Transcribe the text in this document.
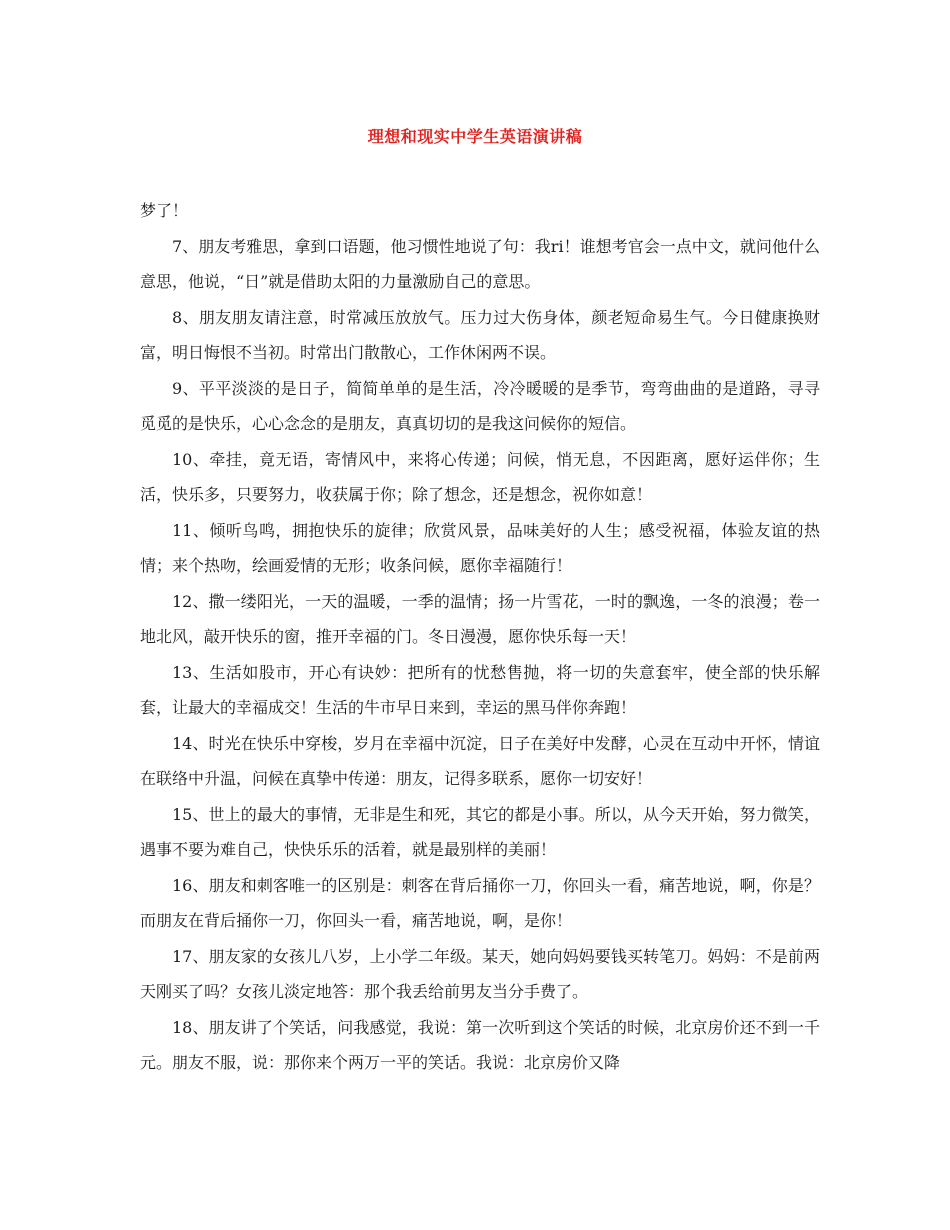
理想和现实中学生英语演讲稿

梦了！

7、朋友考雅思，拿到口语题，他习惯性地说了句：我ri！谁想考官会一点中文，就问他什么意思，他说，“日”就是借助太阳的力量激励自己的意思。

8、朋友朋友请注意，时常减压放放气。压力过大伤身体，颜老短命易生气。今日健康换财富，明日悔恨不当初。时常出门散散心，工作休闲两不误。

9、平平淡淡的是日子，简简单单的是生活，冷冷暖暖的是季节，弯弯曲曲的是道路，寻寻觅觅的是快乐，心心念念的是朋友，真真切切的是我这问候你的短信。

10、牵挂，竟无语，寄情风中，来将心传递；问候，悄无息，不因距离，愿好运伴你；生活，快乐多，只要努力，收获属于你；除了想念，还是想念，祝你如意！

11、倾听鸟鸣，拥抱快乐的旋律；欣赏风景，品味美好的人生；感受祝福，体验友谊的热情；来个热吻，绘画爱情的无形；收条问候，愿你幸福随行！

12、撒一缕阳光，一天的温暖，一季的温情；扬一片雪花，一时的飘逸，一冬的浪漫；卷一地北风，敲开快乐的窗，推开幸福的门。冬日漫漫，愿你快乐每一天！

13、生活如股市，开心有诀妙：把所有的忧愁售抛，将一切的失意套牢，使全部的快乐解套，让最大的幸福成交！生活的牛市早日来到，幸运的黑马伴你奔跑！

14、时光在快乐中穿梭，岁月在幸福中沉淀，日子在美好中发酵，心灵在互动中开怀，情谊在联络中升温，问候在真挚中传递：朋友，记得多联系，愿你一切安好！

15、世上的最大的事情，无非是生和死，其它的都是小事。所以，从今天开始，努力微笑，遇事不要为难自己，快快乐乐的活着，就是最别样的美丽！

16、朋友和刺客唯一的区别是：刺客在背后捅你一刀，你回头一看，痛苦地说，啊，你是？而朋友在背后捅你一刀，你回头一看，痛苦地说，啊，是你！

17、朋友家的女孩儿八岁，上小学二年级。某天，她向妈妈要钱买转笔刀。妈妈：不是前两天刚买了吗？女孩儿淡定地答：那个我丢给前男友当分手费了。

18、朋友讲了个笑话，问我感觉，我说：第一次听到这个笑话的时候，北京房价还不到一千元。朋友不服，说：那你来个两万一平的笑话。我说：北京房价又降
